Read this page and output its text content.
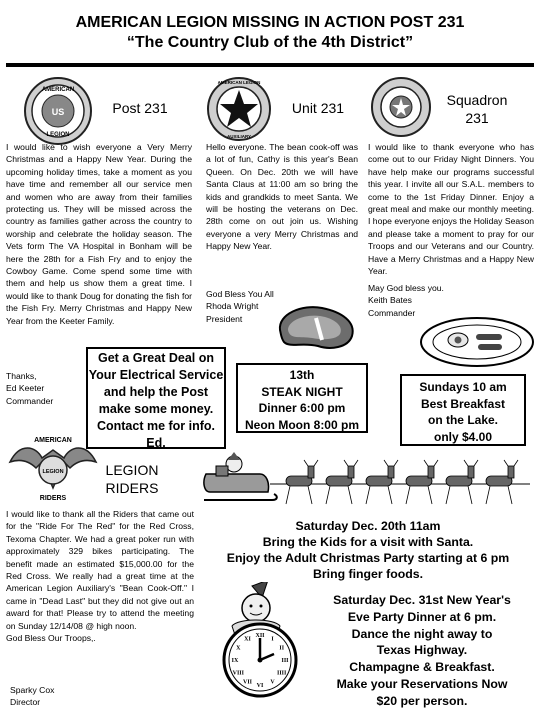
AMERICAN LEGION MISSING IN ACTION POST 231
“The Country Club of the 4th District”
AMERICAN
US
LEGION
Post 231
I would like to wish everyone a Very Merry Christmas and a Happy New Year. During the upcoming holiday times, take a moment as you have time and remember all our service men and women who are away from their families protecting us. They will be missed across the country as families gather across the country to worship and celebrate the holiday season. The Vets form The VA Hospital in Bonham will be here the 28th for a Fish Fry and to enjoy the Cowboy Game. Come spend some time with them and help us show them a great time. I would like to thank Doug for donating the fish for the Fish Fry. Merry Christmas and Happy New Year from the Keeter Family.
Thanks,
Ed Keeter
Commander
AMERICAN LEGION
AUXILIARY
Unit 231
Hello everyone. The bean cook-off was a lot of fun, Cathy is this year's Bean Queen. On Dec. 20th we will have Santa Claus at 11:00 am so bring the kids and grandkids to meet Santa. We will be hosting the veterans on Dec. 28th come on out join us. Wishing everyone a very Merry Christmas and Happy New Year.
God Bless You All
Rhoda Wright
President
Squadron
231
I would like to thank everyone who has come out to our Friday Night Dinners. You have help make our programs successful this year. I invite all our S.A.L. members to come to the 1st Friday Dinner. Enjoy a great meal and make our monthly meeting. I hope everyone enjoys the Holiday Season and please take a moment to pray for our Troops and our Veterans and our Country. Have a Merry Christmas and a Happy New Year.
May God bless you.
Keith Bates
Commander
Get a Great Deal on Your Electrical Service and help the Post make some money. Contact me for info. Ed.
13th
STEAK NIGHT
Dinner 6:00 pm
Neon Moon 8:00 pm
Sundays 10 am
Best Breakfast
on the Lake.
only $4.00
AMERICAN
LEGION
RIDERS
LEGION
RIDERS
I would like to thank all the Riders that came out for the "Ride For The Red" for the Red Cross, Texoma Chapter. We had a great poker run with approximately 329 bikes participating. The benefit made an estimated $15,000.00 for the Red Cross. We really had a great time at the American Legion Auxiliary's "Bean Cook-Off." I came in "Dead Last" but they did not give out an award for that! Please try to attend the meeting on Sunday 12/14/08 @ high noon.
God Bless Our Troops,.
Sparky Cox
Director
Saturday Dec. 20th 11am
Bring the Kids for a visit with Santa.
Enjoy the Adult Christmas Party starting at 6 pm
Bring finger foods.
XII
I
II
III
IIII
V
VI
VII
VIII
IX
X
XI
Saturday Dec. 31st New Year's
Eve Party Dinner at 6 pm.
Dance the night away to
Texas Highway.
Champagne & Breakfast.
Make your Reservations Now
$20 per person.
